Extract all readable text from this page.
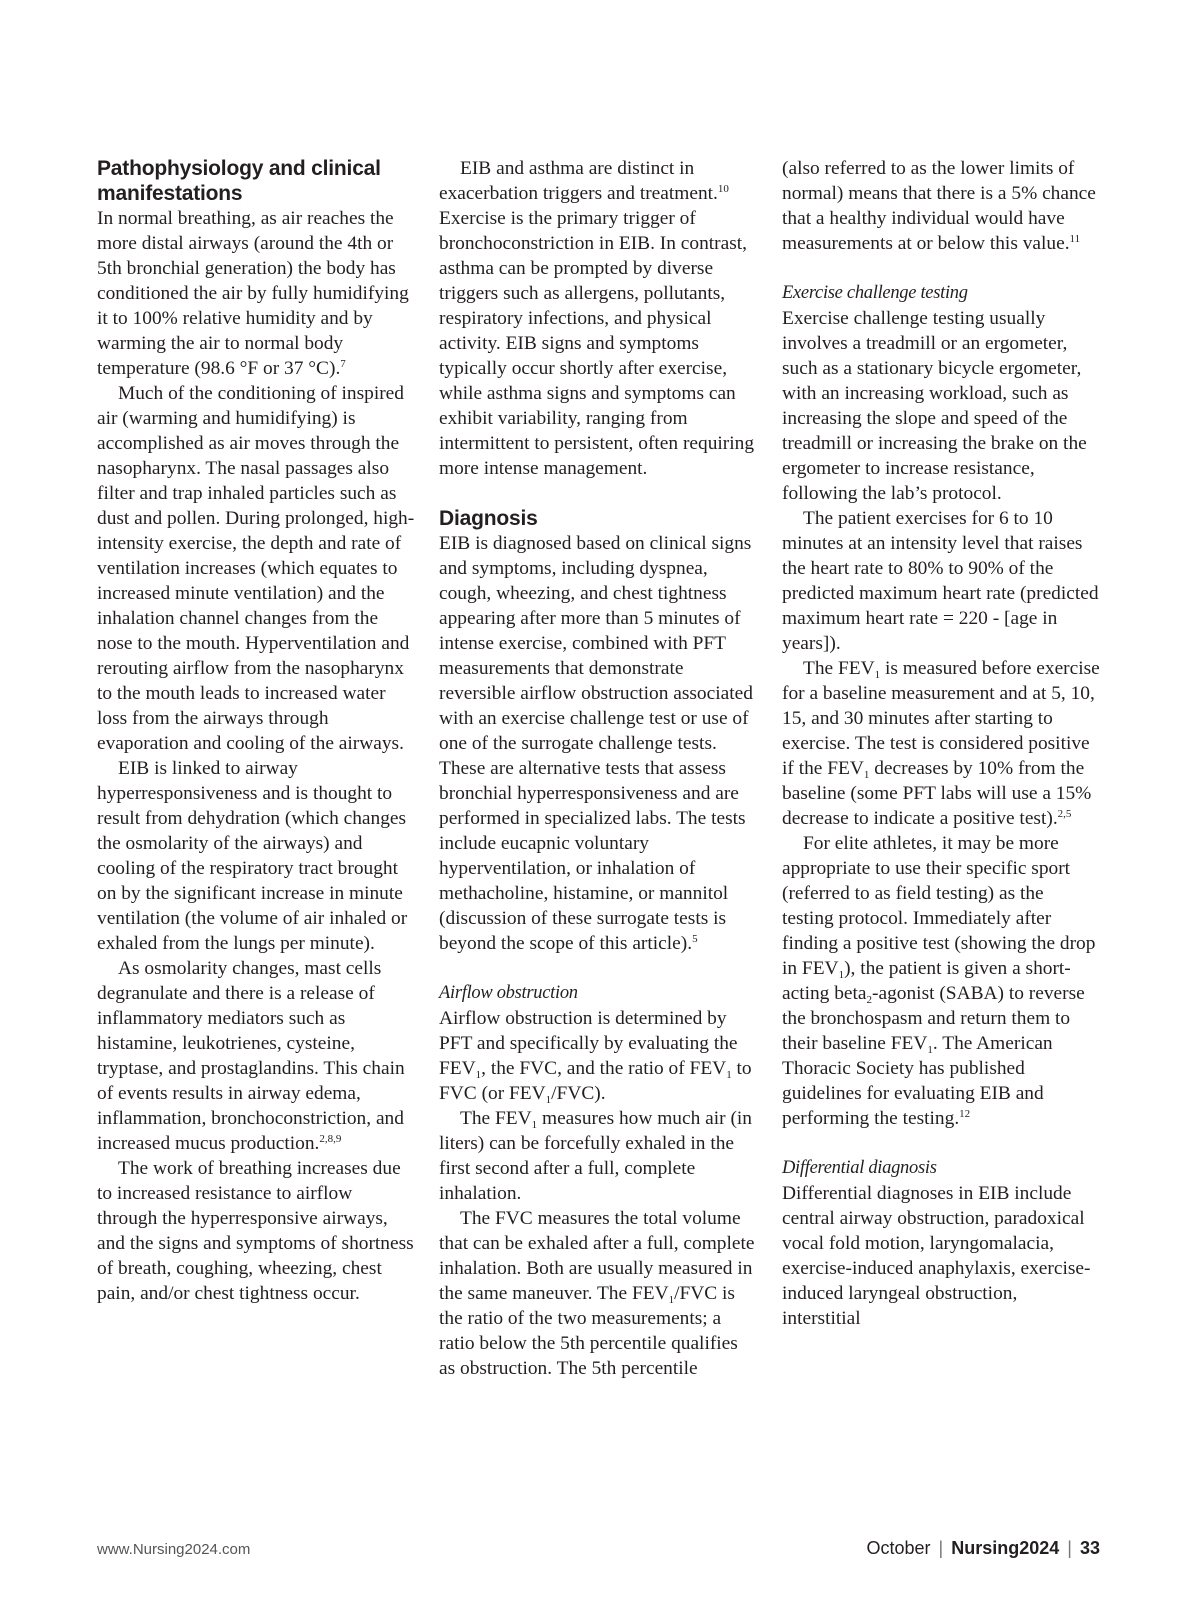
Pathophysiology and clinical manifestations

In normal breathing, as air reaches the more distal airways (around the 4th or 5th bronchial generation) the body has conditioned the air by fully humidifying it to 100% relative humidity and by warming the air to normal body temperature (98.6 °F or 37 °C).$^7$

Much of the conditioning of inspired air (warming and humidifying) is accomplished as air moves through the nasopharynx. The nasal passages also filter and trap inhaled particles such as dust and pollen. During prolonged, high-intensity exercise, the depth and rate of ventilation increases (which equates to increased minute ventilation) and the inhalation channel changes from the nose to the mouth. Hyperventilation and rerouting airflow from the nasopharynx to the mouth leads to increased water loss from the airways through evaporation and cooling of the airways.

EIB is linked to airway hyperresponsiveness and is thought to result from dehydration (which changes the osmolarity of the airways) and cooling of the respiratory tract brought on by the significant increase in minute ventilation (the volume of air inhaled or exhaled from the lungs per minute).

As osmolarity changes, mast cells degranulate and there is a release of inflammatory mediators such as histamine, leukotrienes, cysteine, tryptase, and prostaglandins. This chain of events results in airway edema, inflammation, bronchoconstriction, and increased mucus production.$^{2,8,9}$

The work of breathing increases due to increased resistance to airflow through the hyperresponsive airways, and the signs and symptoms of shortness of breath, coughing, wheezing, chest pain, and/or chest tightness occur.

EIB and asthma are distinct in exacerbation triggers and treatment.$^{10}$ Exercise is the primary trigger of bronchoconstriction in EIB. In contrast, asthma can be prompted by diverse triggers such as allergens, pollutants, respiratory infections, and physical activity. EIB signs and symptoms typically occur shortly after exercise, while asthma signs and symptoms can exhibit variability, ranging from intermittent to persistent, often requiring more intense management.

Diagnosis

EIB is diagnosed based on clinical signs and symptoms, including dyspnea, cough, wheezing, and chest tightness appearing after more than 5 minutes of intense exercise, combined with PFT measurements that demonstrate reversible airflow obstruction associated with an exercise challenge test or use of one of the surrogate challenge tests. These are alternative tests that assess bronchial hyperresponsiveness and are performed in specialized labs. The tests include eucapnic voluntary hyperventilation, or inhalation of methacholine, histamine, or mannitol (discussion of these surrogate tests is beyond the scope of this article).$^5$

Airflow obstruction

Airflow obstruction is determined by PFT and specifically by evaluating the $FEV_1$, the FVC, and the ratio of $FEV_1$ to FVC (or $FEV_1/FVC$).

The $FEV_1$ measures how much air (in liters) can be forcefully exhaled in the first second after a full, complete inhalation.

The FVC measures the total volume that can be exhaled after a full, complete inhalation. Both are usually measured in the same maneuver. The $FEV_1$/FVC is the ratio of the two measurements; a ratio below the 5th percentile qualifies as obstruction. The 5th percentile

(also referred to as the lower limits of normal) means that there is a 5% chance that a healthy individual would have measurements at or below this value.$^{11}$

Exercise challenge testing

Exercise challenge testing usually involves a treadmill or an ergometer, such as a stationary bicycle ergometer, with an increasing workload, such as increasing the slope and speed of the treadmill or increasing the brake on the ergometer to increase resistance, following the lab’s protocol.

The patient exercises for 6 to 10 minutes at an intensity level that raises the heart rate to 80% to 90% of the predicted maximum heart rate (predicted maximum heart rate = 220 - [age in years]).

The $FEV_1$ is measured before exercise for a baseline measurement and at 5, 10, 15, and 30 minutes after starting to exercise. The test is considered positive if the $FEV_1$ decreases by 10% from the baseline (some PFT labs will use a 15% decrease to indicate a positive test).$^{2,5}$

For elite athletes, it may be more appropriate to use their specific sport (referred to as field testing) as the testing protocol. Immediately after finding a positive test (showing the drop in $FEV_1$), the patient is given a short-acting beta$_2$-agonist (SABA) to reverse the bronchospasm and return them to their baseline $FEV_1$. The American Thoracic Society has published guidelines for evaluating EIB and performing the testing.$^{12}$

Differential diagnosis

Differential diagnoses in EIB include central airway obstruction, paradoxical vocal fold motion, laryngomalacia, exercise-induced anaphylaxis, exercise-induced laryngeal obstruction, interstitial

www.Nursing2024.com	October | Nursing2024 | 33
